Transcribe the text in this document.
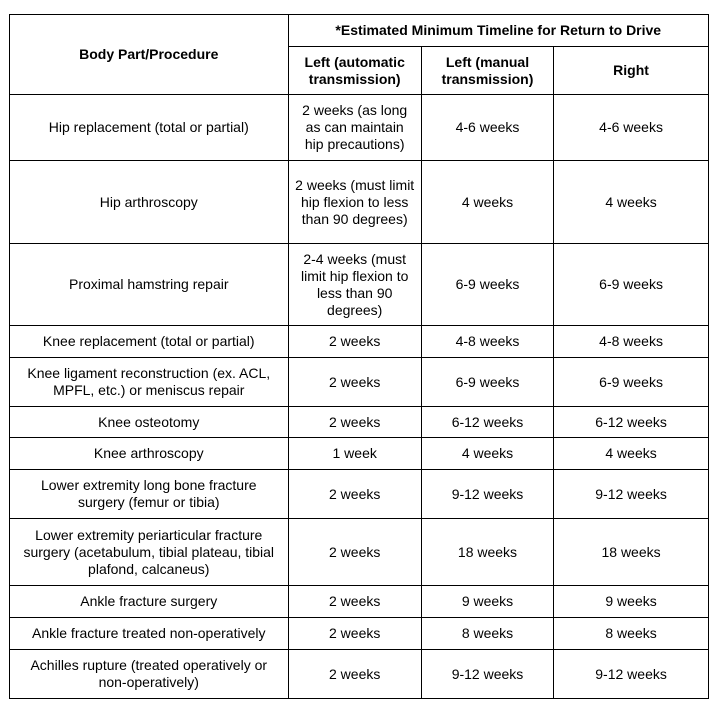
Body Part/Procedure	*Estimated Minimum Timeline for Return to Drive		
	Left (automatic transmission)	Left (manual transmission)	Right
Hip replacement (total or partial)	2 weeks (as long as can maintain hip precautions)	4-6 weeks	4-6 weeks
Hip arthroscopy	2 weeks (must limit hip flexion to less than 90 degrees)	4 weeks	4 weeks
Proximal hamstring repair	2-4 weeks (must limit hip flexion to less than 90 degrees)	6-9 weeks	6-9 weeks
Knee replacement (total or partial)	2 weeks	4-8 weeks	4-8 weeks
Knee ligament reconstruction (ex. ACL, MPFL, etc.) or meniscus repair	2 weeks	6-9 weeks	6-9 weeks
Knee osteotomy	2 weeks	6-12 weeks	6-12 weeks
Knee arthroscopy	1 week	4 weeks	4 weeks
Lower extremity long bone fracture surgery (femur or tibia)	2 weeks	9-12 weeks	9-12 weeks
Lower extremity periarticular fracture surgery (acetabulum, tibial plateau, tibial plafond, calcaneus)	2 weeks	18 weeks	18 weeks
Ankle fracture surgery	2 weeks	9 weeks	9 weeks
Ankle fracture treated non-operatively	2 weeks	8 weeks	8 weeks
Achilles rupture (treated operatively or non-operatively)	2 weeks	9-12 weeks	9-12 weeks
